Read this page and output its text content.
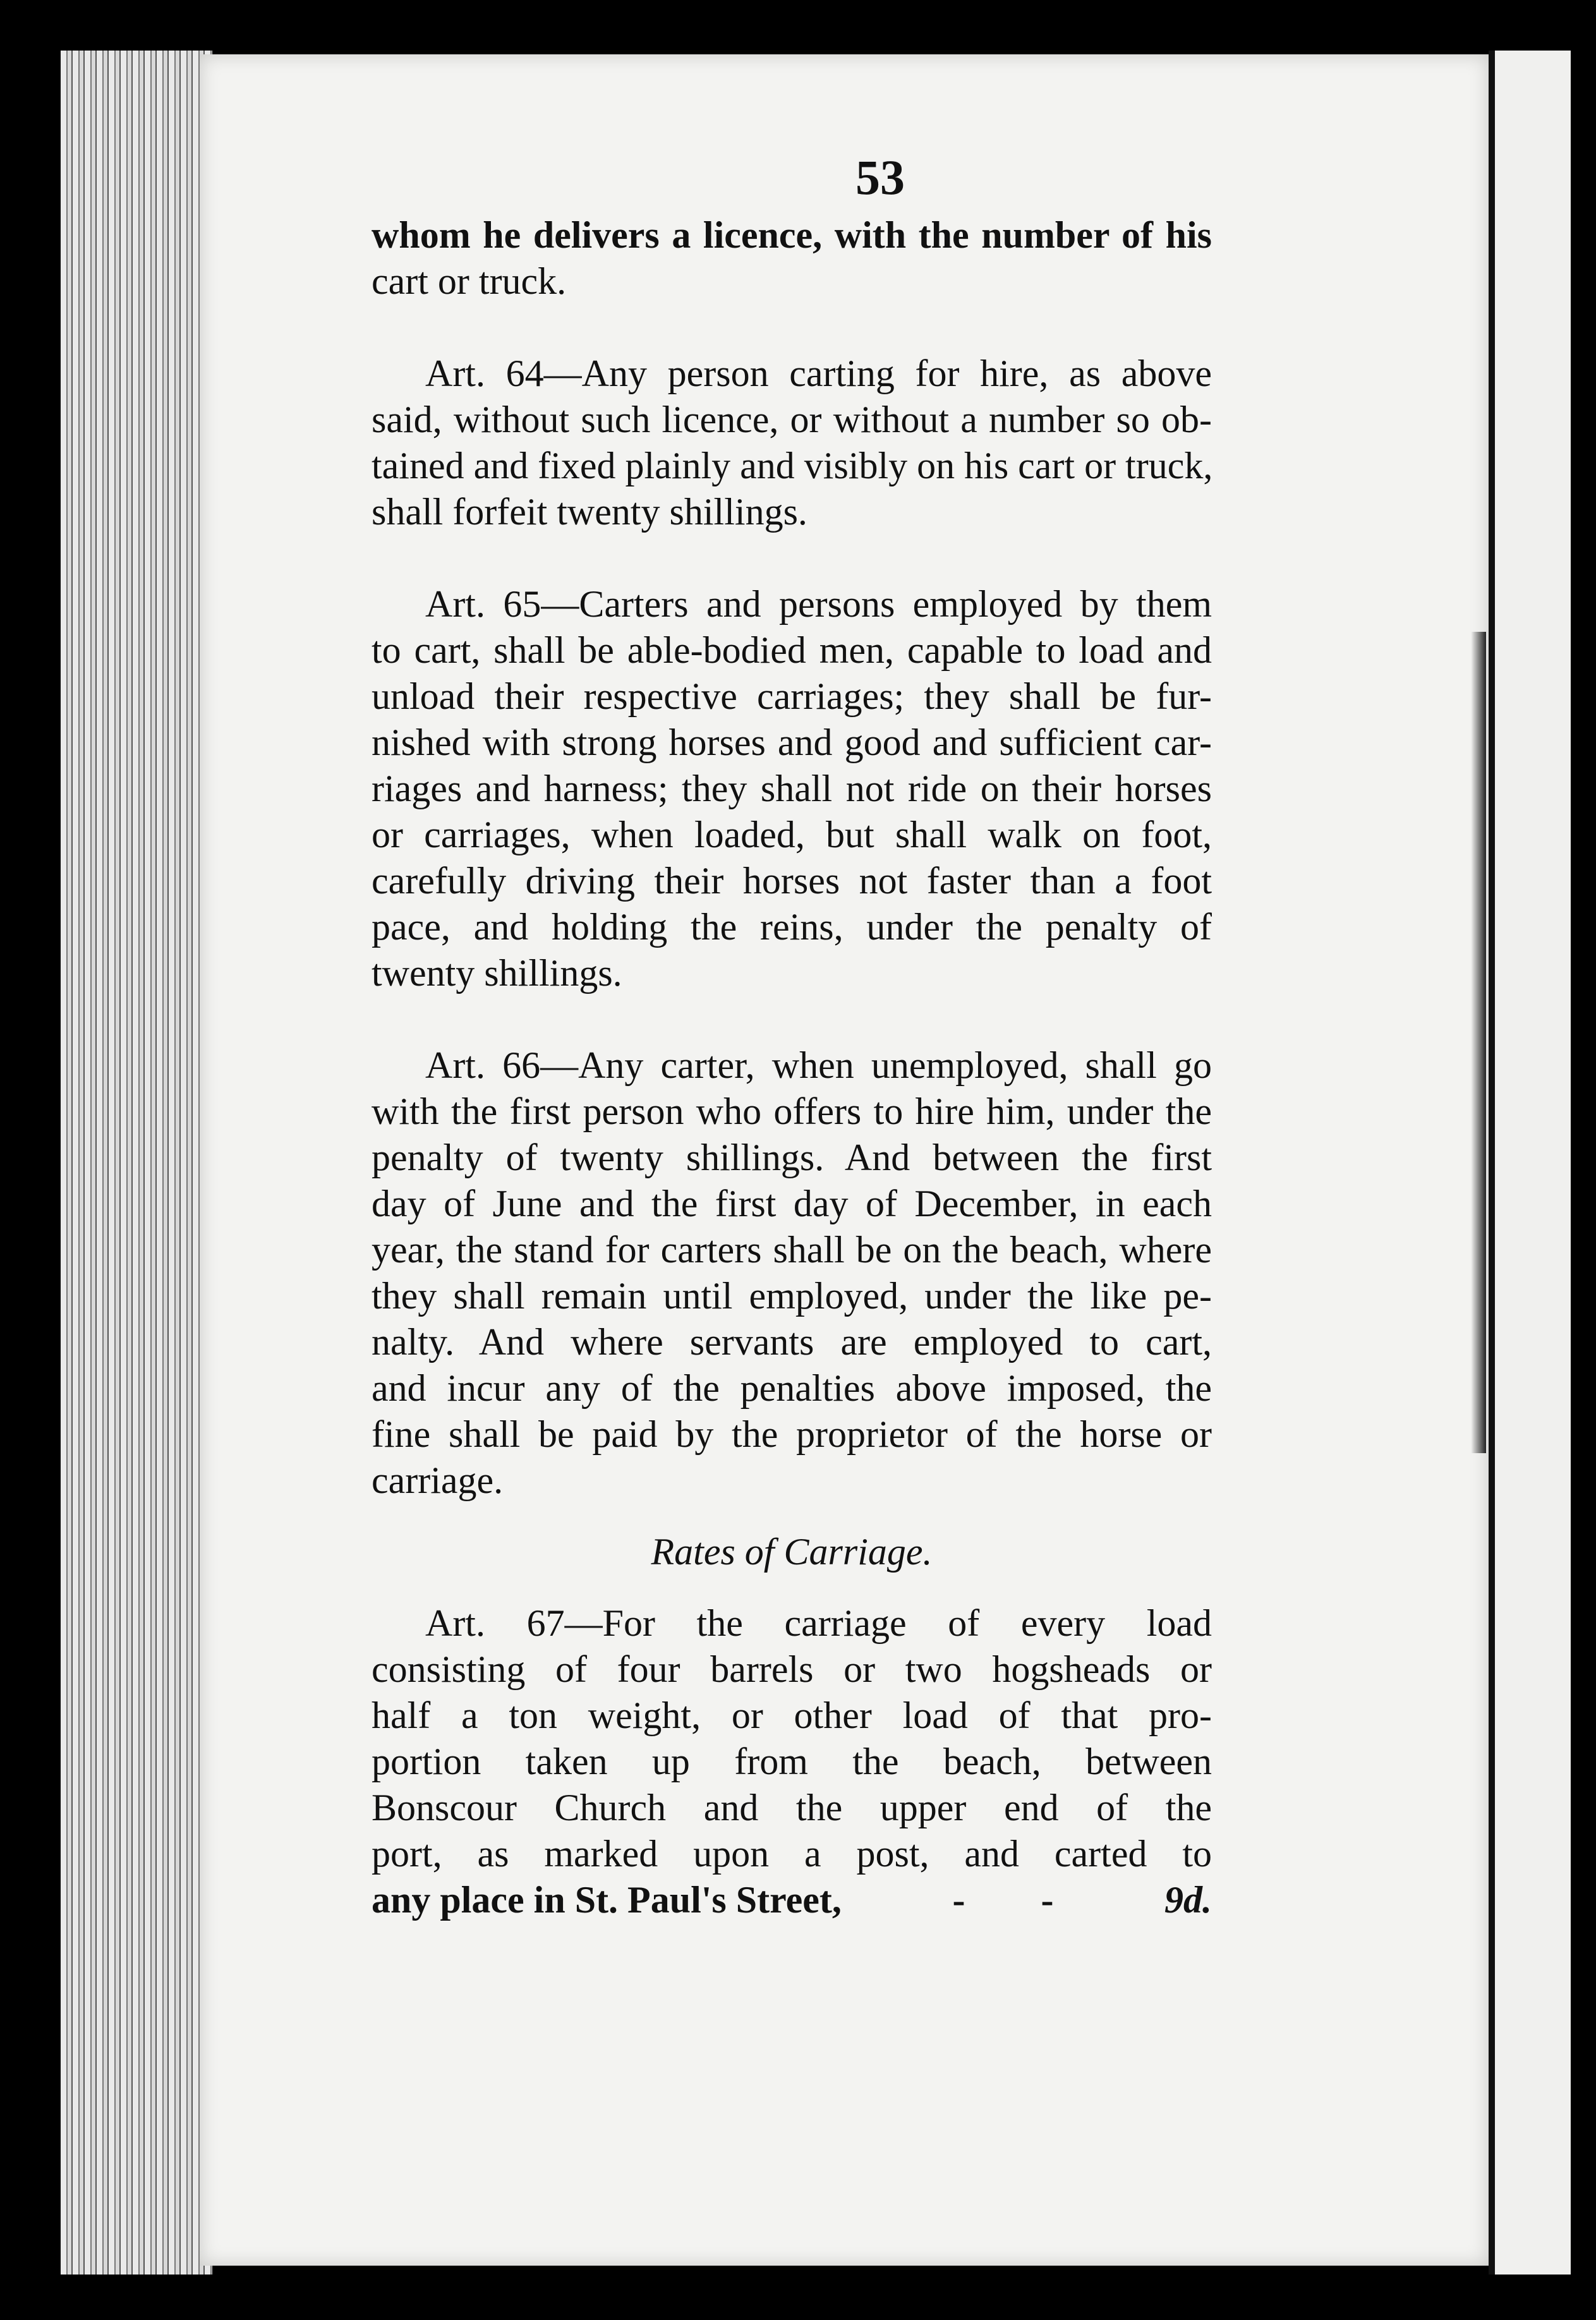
53
whom he delivers a licence, with the number of his
cart or truck.
Art. 64—Any person carting for hire, as above
said, without such licence, or without a number so ob-
tained and fixed plainly and visibly on his cart or truck,
shall forfeit twenty shillings.
Art. 65—Carters and persons employed by them
to cart, shall be able-bodied men, capable to load and
unload their respective carriages; they shall be fur-
nished with strong horses and good and sufficient car-
riages and harness; they shall not ride on their horses
or carriages, when loaded, but shall walk on foot,
carefully driving their horses not faster than a foot
pace, and holding the reins, under the penalty of
twenty shillings.
Art. 66—Any carter, when unemployed, shall go
with the first person who offers to hire him, under the
penalty of twenty shillings. And between the first
day of June and the first day of December, in each
year, the stand for carters shall be on the beach, where
they shall remain until employed, under the like pe-
nalty. And where servants are employed to cart,
and incur any of the penalties above imposed, the
fine shall be paid by the proprietor of the horse or
carriage.
Rates of Carriage.
Art. 67—For the carriage of every load
consisting of four barrels or two hogsheads or
half a ton weight, or other load of that pro-
portion taken up from the beach, between
Bonscour Church and the upper end of the
port, as marked upon a post, and carted to
any place in St. Paul's Street,	-        -	9d.
